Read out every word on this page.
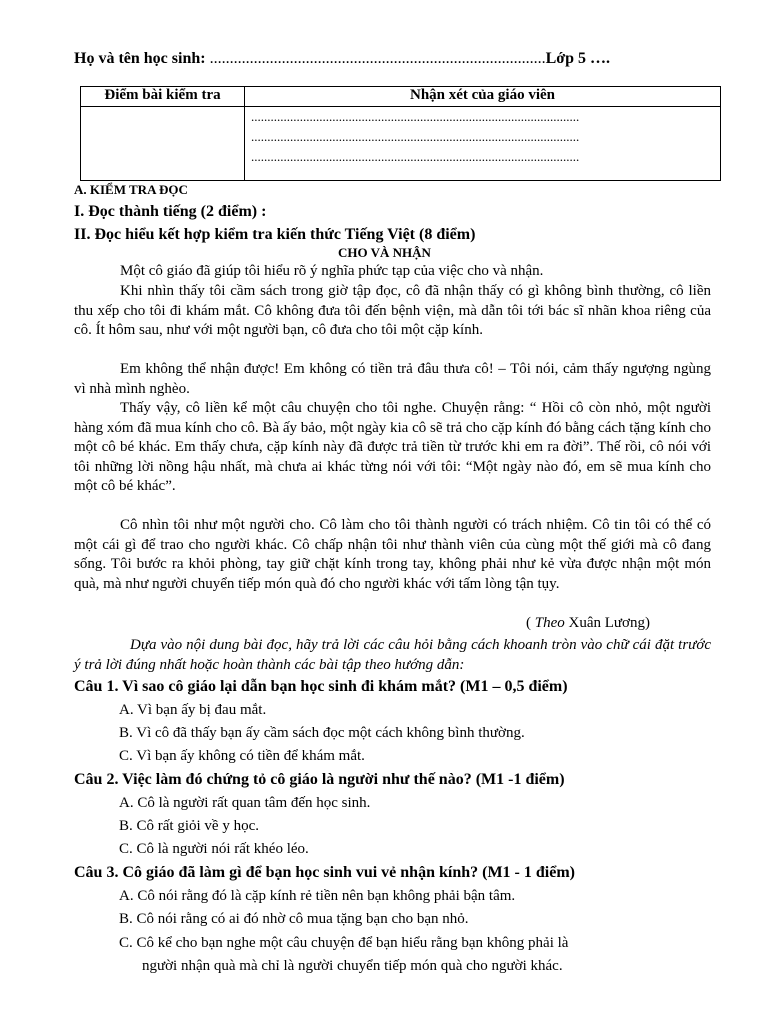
Họ và tên học sinh: ....................................................................................Lớp 5 ….
Điểm bài kiểm tra	Nhận xét của giáo viên

	.....................................................................................................
.....................................................................................................
.....................................................................................................
A. KIỂM TRA ĐỌC
I. Đọc thành tiếng (2 điểm) :
II. Đọc hiểu kết hợp kiểm tra kiến thức Tiếng Việt (8 điểm)
CHO VÀ NHẬN

Một cô giáo đã giúp tôi hiểu rõ ý nghĩa phức tạp của việc cho và nhận.

Khi nhìn thấy tôi cầm sách trong giờ tập đọc, cô đã nhận thấy có gì không bình thường, cô liền thu xếp cho tôi đi khám mắt. Cô không đưa tôi đến bệnh viện, mà dẫn tôi tới bác sĩ nhãn khoa riêng của cô. Ít hôm sau, như với một người bạn, cô đưa cho tôi một cặp kính.

Em không thể nhận được! Em không có tiền trả đâu thưa cô! – Tôi nói, cảm thấy ngượng ngùng vì nhà mình nghèo.

Thấy vậy, cô liền kể một câu chuyện cho tôi nghe. Chuyện rằng: “ Hồi cô còn nhỏ, một người hàng xóm đã mua kính cho cô. Bà ấy bảo, một ngày kia cô sẽ trả cho cặp kính đó bằng cách tặng kính cho một cô bé khác. Em thấy chưa, cặp kính này đã được trả tiền từ trước khi em ra đời”. Thế rồi, cô nói với tôi những lời nồng hậu nhất, mà chưa ai khác từng nói với tôi: “Một ngày nào đó, em sẽ mua kính cho một cô bé khác”.

Cô nhìn tôi như một người cho. Cô làm cho tôi thành người có trách nhiệm. Cô tin tôi có thể có một cái gì để trao cho người khác. Cô chấp nhận tôi như thành viên của cùng một thế giới mà cô đang sống. Tôi bước ra khỏi phòng, tay giữ chặt kính trong tay, không phải như kẻ vừa được nhận một món quà, mà như người chuyển tiếp món quà đó cho người khác với tấm lòng tận tụy.

( Theo Xuân Lương)

Dựa vào nội dung bài đọc, hãy trả lời các câu hỏi bằng cách khoanh tròn vào chữ cái đặt trước ý trả lời đúng nhất hoặc hoàn thành các bài tập theo hướng dẫn:

Câu 1. Vì sao cô giáo lại dẫn bạn học sinh đi khám mắt? (M1 – 0,5 điểm)
A. Vì bạn ấy bị đau mắt.
B. Vì cô đã thấy bạn ấy cầm sách đọc một cách không bình thường.
C. Vì bạn ấy không có tiền để khám mắt.
Câu 2. Việc làm đó chứng tỏ cô giáo là người như thế nào? (M1 -1 điểm)
A. Cô là người rất quan tâm đến học sinh.
B. Cô rất giỏi về y học.
C. Cô là người nói rất khéo léo.
Câu 3. Cô giáo đã làm gì để bạn học sinh vui vẻ nhận kính? (M1 - 1 điểm)
A. Cô nói rằng đó là cặp kính rẻ tiền nên bạn không phải bận tâm.
B. Cô nói rằng có ai đó nhờ cô mua tặng bạn cho bạn nhỏ.
C. Cô kể cho bạn nghe một câu chuyện để bạn hiểu rằng bạn không phải là
người nhận quà mà chỉ là người chuyển tiếp món quà cho người khác.
